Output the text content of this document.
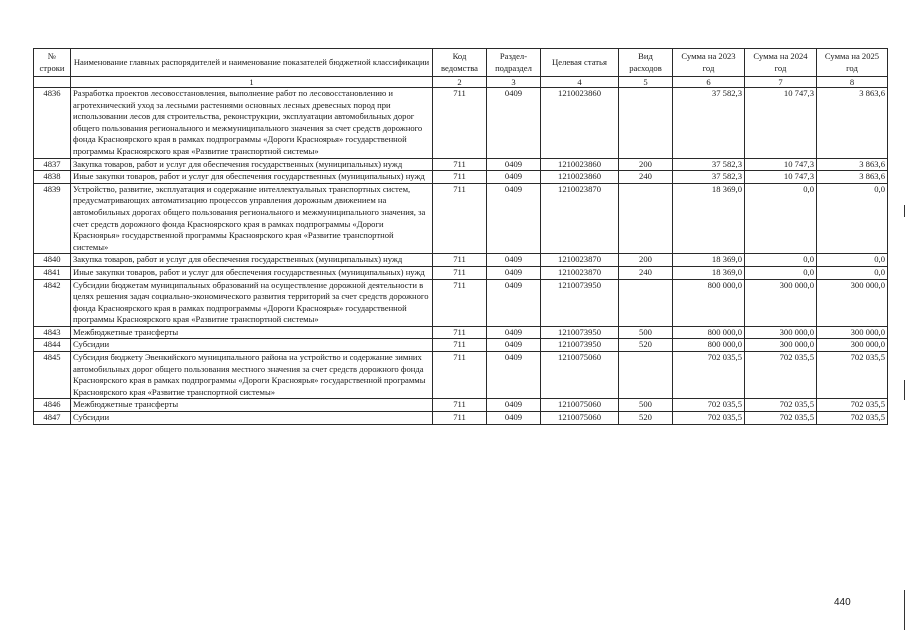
№ строки	Наименование главных распорядителей и наименование показателей бюджетной классификации	Код ведомства	Раздел-подраздел	Целевая статья	Вид расходов	Сумма на 2023 год	Сумма на 2024 год	Сумма на 2025 год
	1	2	3	4	5	6	7	8
4836	Разработка проектов лесовосстановления, выполнение работ по лесовосстановлению и агротехнический уход за лесными растениями основных лесных древесных пород при использовании лесов для строительства, реконструкции, эксплуатации автомобильных дорог общего пользования регионального и межмуниципального значения за счет средств дорожного фонда Красноярского края в рамках подпрограммы «Дороги Красноярья» государственной программы Красноярского края «Развитие транспортной системы»	711	0409	1210023860		37 582,3	10 747,3	3 863,6
4837	Закупка товаров, работ и услуг для обеспечения государственных (муниципальных) нужд	711	0409	1210023860	200	37 582,3	10 747,3	3 863,6
4838	Иные закупки товаров, работ и услуг для обеспечения государственных (муниципальных) нужд	711	0409	1210023860	240	37 582,3	10 747,3	3 863,6
4839	Устройство, развитие, эксплуатация и содержание интеллектуальных транспортных систем, предусматривающих автоматизацию процессов управления дорожным движением на автомобильных дорогах общего пользования регионального и межмуниципального значения, за счет средств дорожного фонда Красноярского края в рамках подпрограммы «Дороги Красноярья» государственной программы Красноярского края «Развитие транспортной системы»	711	0409	1210023870		18 369,0	0,0	0,0
4840	Закупка товаров, работ и услуг для обеспечения государственных (муниципальных) нужд	711	0409	1210023870	200	18 369,0	0,0	0,0
4841	Иные закупки товаров, работ и услуг для обеспечения государственных (муниципальных) нужд	711	0409	1210023870	240	18 369,0	0,0	0,0
4842	Субсидии бюджетам муниципальных образований на осуществление дорожной деятельности в целях решения задач социально-экономического развития территорий за счет средств дорожного фонда Красноярского края в рамках подпрограммы «Дороги Красноярья» государственной программы Красноярского края «Развитие транспортной системы»	711	0409	1210073950		800 000,0	300 000,0	300 000,0
4843	Межбюджетные трансферты	711	0409	1210073950	500	800 000,0	300 000,0	300 000,0
4844	Субсидии	711	0409	1210073950	520	800 000,0	300 000,0	300 000,0
4845	Субсидия бюджету Эвенкийского муниципального района на устройство и содержание зимних автомобильных дорог общего пользования местного значения за счет средств дорожного фонда Красноярского края в рамках подпрограммы «Дороги Красноярья» государственной программы Красноярского края «Развитие транспортной системы»	711	0409	1210075060		702 035,5	702 035,5	702 035,5
4846	Межбюджетные трансферты	711	0409	1210075060	500	702 035,5	702 035,5	702 035,5
4847	Субсидии	711	0409	1210075060	520	702 035,5	702 035,5	702 035,5
440
